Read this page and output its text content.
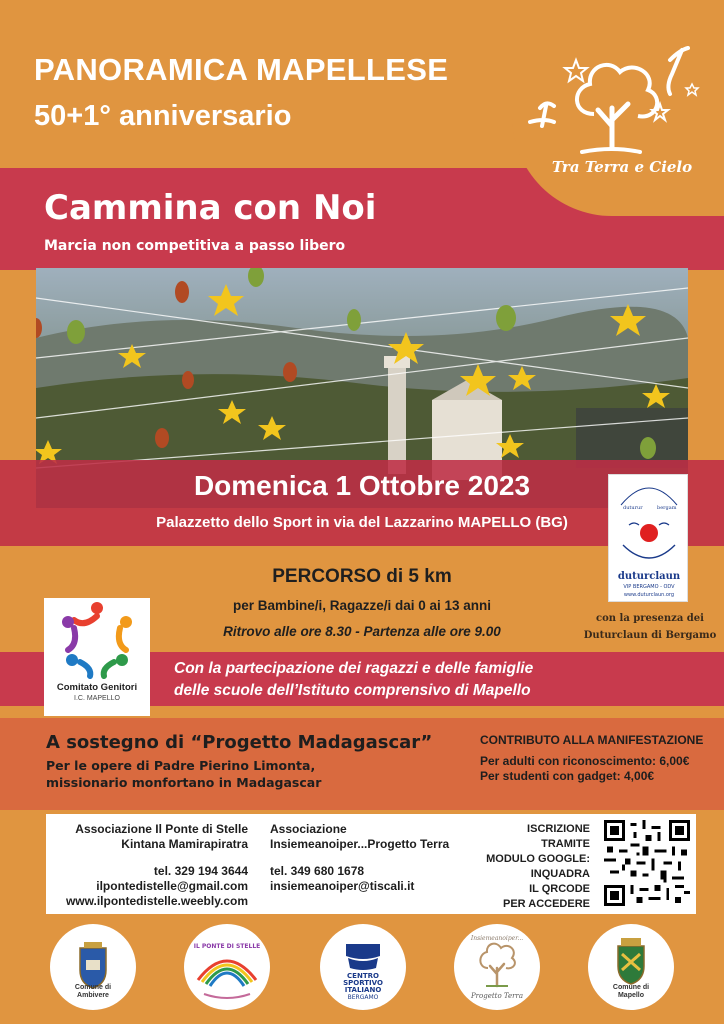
PANORAMICA MAPELLESE
50+1° anniversario
Cammina con Noi
Marcia non competitiva a passo libero
Tra Terra e Cielo
Domenica 1 Ottobre 2023
Palazzetto dello Sport in via del Lazzarino MAPELLO (BG)
duturur	bergam
duturclaun
VIP BERGAMO - ODV
www.duturclaun.org
con la presenza dei
Duturclaun di Bergamo
PERCORSO di 5 km
per Bambine/i, Ragazze/i dai 0 ai 13 anni
Ritrovo alle ore 8.30 - Partenza alle ore 9.00
Con la partecipazione dei ragazzi e delle famiglie
delle scuole dell’Istituto comprensivo di Mapello
Comitato Genitori
I.C. MAPELLO
A sostegno di “Progetto Madagascar”
Per le opere di Padre Pierino Limonta,
missionario monfortano in Madagascar
CONTRIBUTO ALLA MANIFESTAZIONE
Per adulti con riconoscimento: 6,00€
Per studenti con gadget: 4,00€
Associazione Il Ponte di Stelle
Kintana Mamirapiratra
tel. 329 194 3644
ilpontedistelle@gmail.com
www.ilpontedistelle.weebly.com
Associazione
Insiemeanoiper...Progetto Terra
tel. 349 680 1678
insiemeanoiper@tiscali.it
ISCRIZIONE
TRAMITE
MODULO GOOGLE:
INQUADRA
IL QRCODE
PER ACCEDERE
Comune di
Ambivere
IL PONTE DI STELLE
CENTRO
SPORTIVO
ITALIANO
BERGAMO
Insiemeanoiper...
Progetto Terra
Comune di
Mapello
